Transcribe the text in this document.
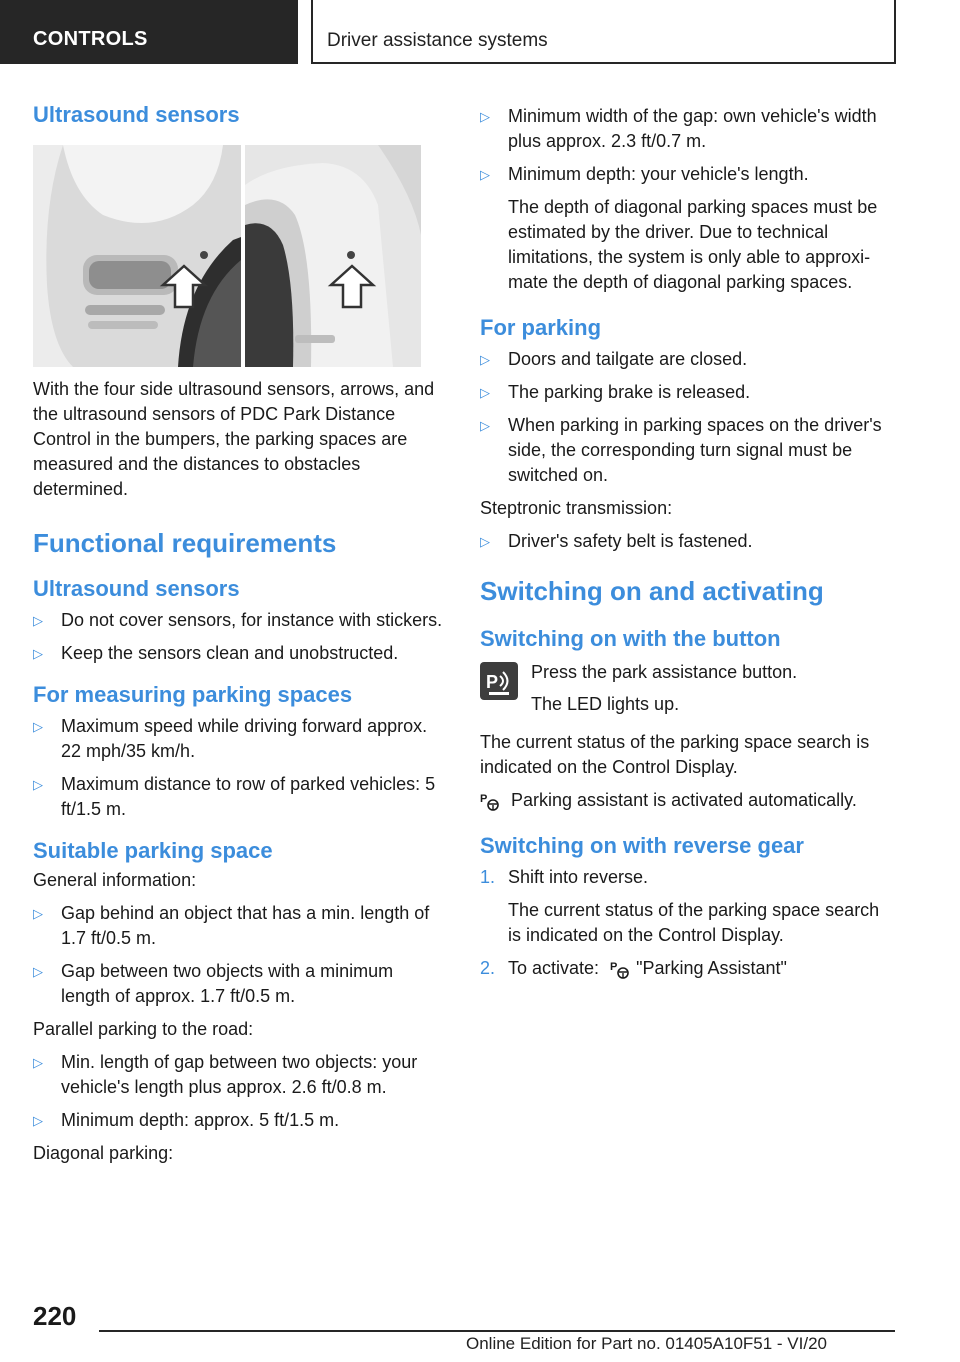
CONTROLS	Driver assistance systems
Ultrasound sensors

With the four side ultrasound sensors, arrows, and the ultrasound sensors of PDC Park Distance Control in the bumpers, the parking spaces are measured and the distances to obstacles determined.

Functional requirements
Ultrasound sensors
▷ Do not cover sensors, for instance with stickers.
▷ Keep the sensors clean and unobstructed.
For measuring parking spaces
▷ Maximum speed while driving forward approx. 22 mph/35 km/h.
▷ Maximum distance to row of parked vehicles: 5 ft/1.5 m.
Suitable parking space

General information:

▷ Gap behind an object that has a min. length of 1.7 ft/0.5 m.
▷ Gap between two objects with a minimum length of approx. 1.7 ft/0.5 m.

Parallel parking to the road:

▷ Min. length of gap between two objects: your vehicle's length plus approx. 2.6 ft/0.8 m.
▷ Minimum depth: approx. 5 ft/1.5 m.

Diagonal parking:

▷ Minimum width of the gap: own vehicle's width plus approx. 2.3 ft/0.7 m.
▷ Minimum depth: your vehicle's length.
The depth of diagonal parking spaces must be estimated by the driver. Due to technical limitations, the system is only able to approximate the depth of diagonal parking spaces.
For parking
▷ Doors and tailgate are closed.
▷ The parking brake is released.
▷ When parking in parking spaces on the driver's side, the corresponding turn signal must be switched on.

Steptronic transmission:

▷ Driver's safety belt is fastened.
Switching on and activating
Switching on with the button
P Press the park assistance button.

The LED lights up.

The current status of the parking space search is indicated on the Control Display.

P Parking assistant is activated automatically.

Switching on with reverse gear
1. Shift into reverse.
The current status of the parking space search is indicated on the Control Display.
2. To activate: P "Parking Assistant"
220
Online Edition for Part no. 01405A10F51 - VI/20
